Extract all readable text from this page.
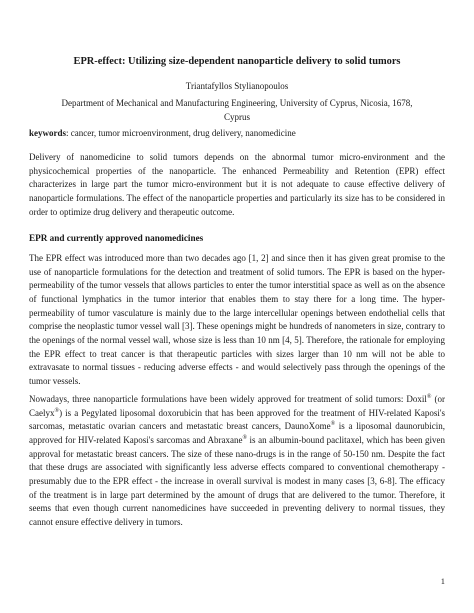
EPR-effect: Utilizing size-dependent nanoparticle delivery to solid tumors
Triantafyllos Stylianopoulos
Department of Mechanical and Manufacturing Engineering, University of Cyprus, Nicosia, 1678,
Cyprus

keywords: cancer, tumor microenvironment, drug delivery, nanomedicine

Delivery of nanomedicine to solid tumors depends on the abnormal tumor micro-environment and the physicochemical properties of the nanoparticle. The enhanced Permeability and Retention (EPR) effect characterizes in large part the tumor micro-environment but it is not adequate to cause effective delivery of nanoparticle formulations. The effect of the nanoparticle properties and particularly its size has to be considered in order to optimize drug delivery and therapeutic outcome.

EPR and currently approved nanomedicines

The EPR effect was introduced more than two decades ago [1, 2] and since then it has given great promise to the use of nanoparticle formulations for the detection and treatment of solid tumors. The EPR is based on the hyper-permeability of the tumor vessels that allows particles to enter the tumor interstitial space as well as on the absence of functional lymphatics in the tumor interior that enables them to stay there for a long time. The hyper-permeability of tumor vasculature is mainly due to the large intercellular openings between endothelial cells that comprise the neoplastic tumor vessel wall [3]. These openings might be hundreds of nanometers in size, contrary to the openings of the normal vessel wall, whose size is less than 10 nm [4, 5]. Therefore, the rationale for employing the EPR effect to treat cancer is that therapeutic particles with sizes larger than 10 nm will not be able to extravasate to normal tissues - reducing adverse effects - and would selectively pass through the openings of the tumor vessels.

Nowadays, three nanoparticle formulations have been widely approved for treatment of solid tumors: Doxil® (or Caelyx®) is a Pegylated liposomal doxorubicin that has been approved for the treatment of HIV-related Kaposi's sarcomas, metastatic ovarian cancers and metastatic breast cancers, DaunoXome® is a liposomal daunorubicin, approved for HIV-related Kaposi's sarcomas and Abraxane® is an albumin-bound paclitaxel, which has been given approval for metastatic breast cancers. The size of these nano-drugs is in the range of 50-150 nm. Despite the fact that these drugs are associated with significantly less adverse effects compared to conventional chemotherapy - presumably due to the EPR effect - the increase in overall survival is modest in many cases [3, 6-8]. The efficacy of the treatment is in large part determined by the amount of drugs that are delivered to the tumor. Therefore, it seems that even though current nanomedicines have succeeded in preventing delivery to normal tissues, they cannot ensure effective delivery in tumors.

1
